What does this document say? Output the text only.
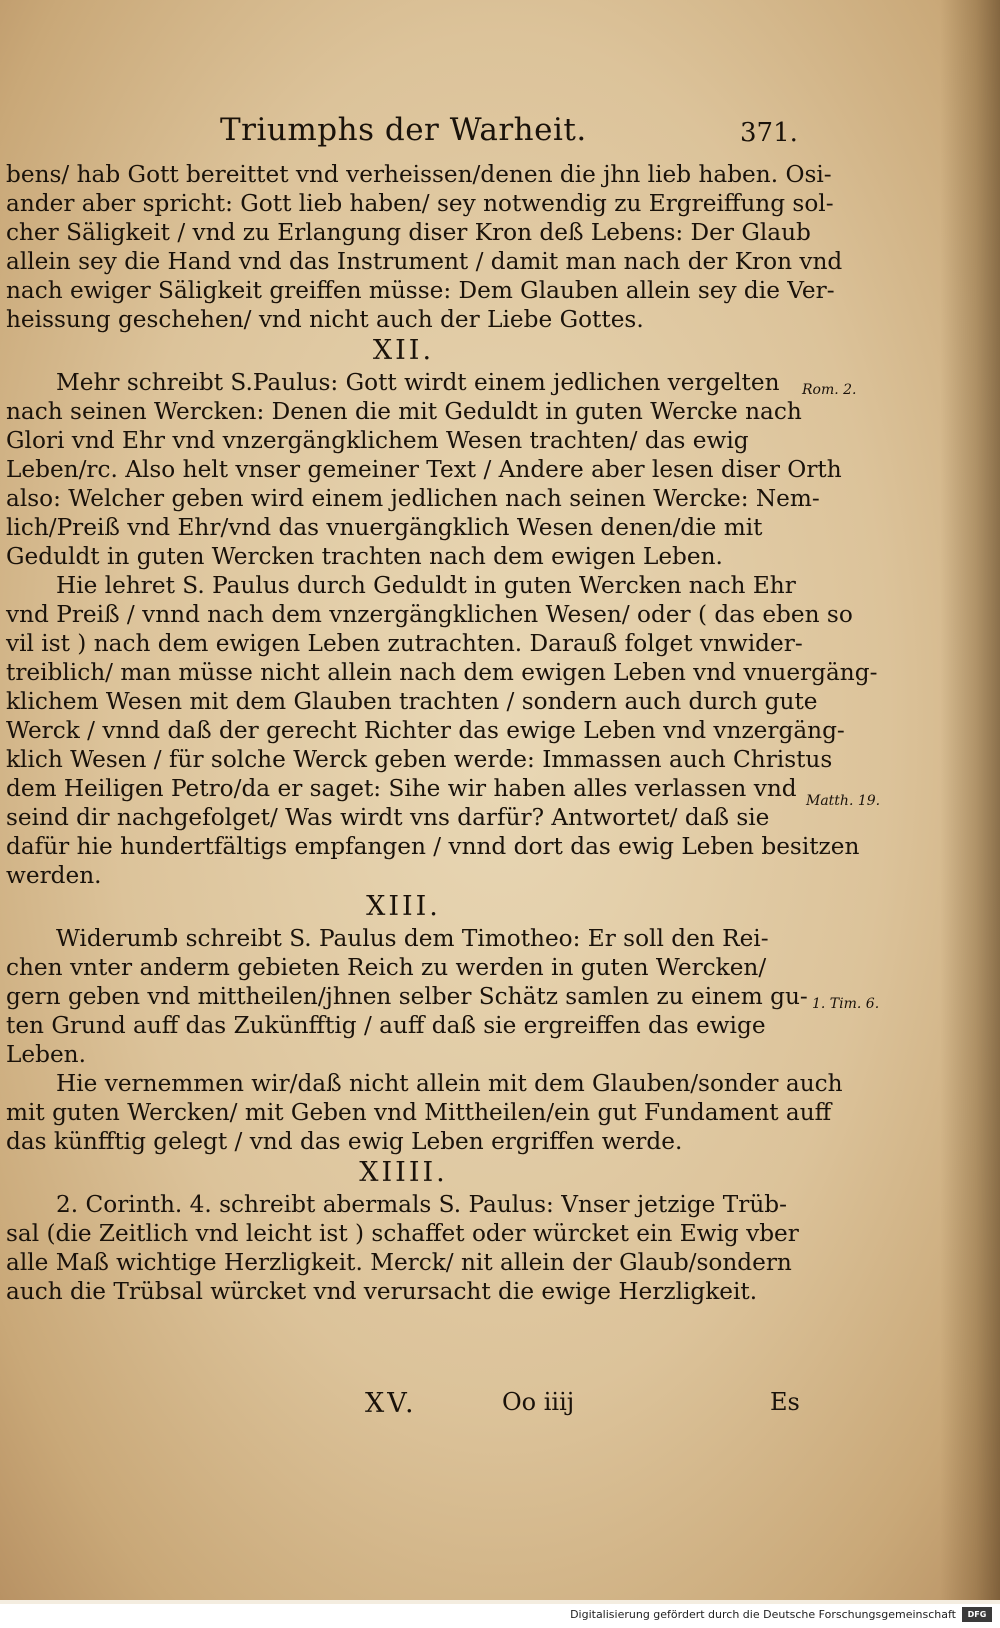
Triumphs der Warheit.	371.
bens/ hab Gott bereittet vnd verheissen/denen die jhn lieb haben. Osi-
ander aber spricht: Gott lieb haben/ sey notwendig zu Ergreiffung sol-
cher Säligkeit / vnd zu Erlangung diser Kron deß Lebens: Der Glaub
allein sey die Hand vnd das Instrument / damit man nach der Kron vnd
nach ewiger Säligkeit greiffen müsse: Dem Glauben allein sey die Ver-
heissung geschehen/ vnd nicht auch der Liebe Gottes.
XII.
Mehr schreibt S.Paulus: Gott wirdt einem jedlichen vergelten
nach seinen Wercken: Denen die mit Geduldt in guten Wercke nach
Glori vnd Ehr vnd vnzergängklichem Wesen trachten/ das ewig
Leben/rc. Also helt vnser gemeiner Text / Andere aber lesen diser Orth
also: Welcher geben wird einem jedlichen nach seinen Wercke: Nem-
lich/Preiß vnd Ehr/vnd das vnuergängklich Wesen denen/die mit
Geduldt in guten Wercken trachten nach dem ewigen Leben.
Hie lehret S. Paulus durch Geduldt in guten Wercken nach Ehr
vnd Preiß / vnnd nach dem vnzergängklichen Wesen/ oder ( das eben so
vil ist ) nach dem ewigen Leben zutrachten. Darauß folget vnwider-
treiblich/ man müsse nicht allein nach dem ewigen Leben vnd vnuergäng-
klichem Wesen mit dem Glauben trachten / sondern auch durch gute
Werck / vnnd daß der gerecht Richter das ewige Leben vnd vnzergäng-
klich Wesen / für solche Werck geben werde: Immassen auch Christus
dem Heiligen Petro/da er saget: Sihe wir haben alles verlassen vnd
seind dir nachgefolget/ Was wirdt vns darfür? Antwortet/ daß sie
dafür hie hundertfältigs empfangen / vnnd dort das ewig Leben besitzen
werden.
XIII.
Widerumb schreibt S. Paulus dem Timotheo: Er soll den Rei-
chen vnter anderm gebieten Reich zu werden in guten Wercken/
gern geben vnd mittheilen/jhnen selber Schätz samlen zu einem gu-
ten Grund auff das Zukünfftig / auff daß sie ergreiffen das ewige
Leben.
Hie vernemmen wir/daß nicht allein mit dem Glauben/sonder auch
mit guten Wercken/ mit Geben vnd Mittheilen/ein gut Fundament auff
das künfftig gelegt / vnd das ewig Leben ergriffen werde.
XIIII.
2. Corinth. 4. schreibt abermals S. Paulus: Vnser jetzige Trüb-
sal (die Zeitlich vnd leicht ist ) schaffet oder würcket ein Ewig vber
alle Maß wichtige Herzligkeit. Merck/ nit allein der Glaub/sondern
auch die Trübsal würcket vnd verursacht die ewige Herzligkeit.
Rom. 2.
Matth. 19.
1. Tim. 6.
XV.	Oo iiij	Es
Digitalisierung gefördert durch die Deutsche Forschungsgemeinschaft	DFG
